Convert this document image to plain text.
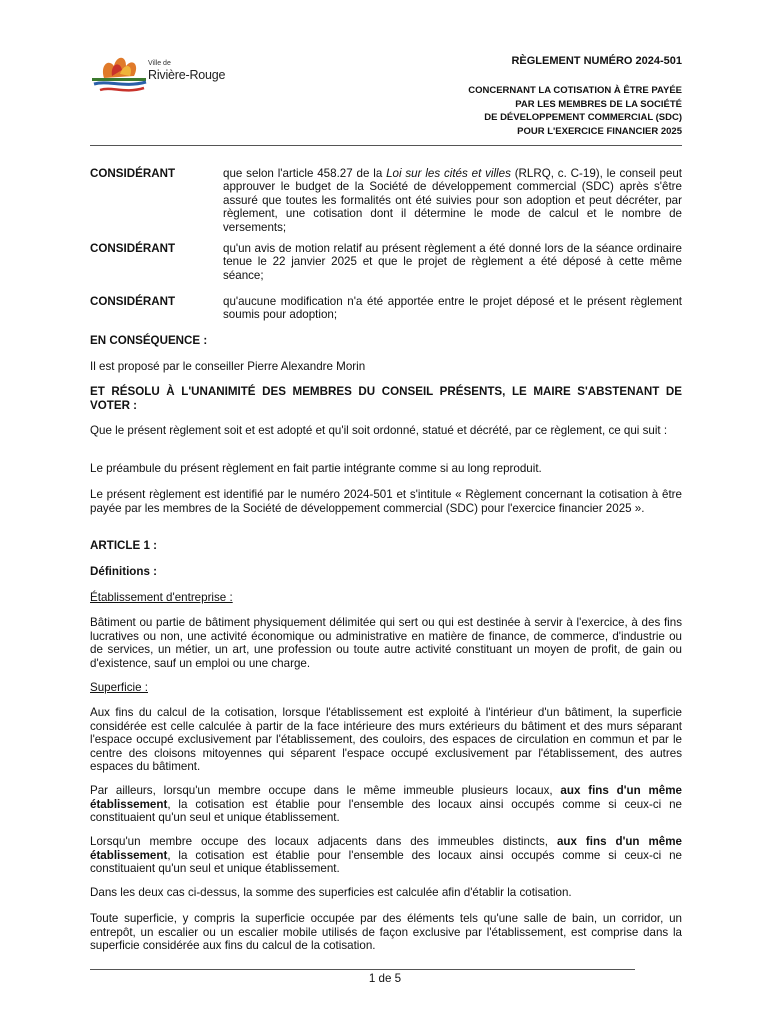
Ville de
Rivière-Rouge
RÈGLEMENT NUMÉRO 2024-501
CONCERNANT LA COTISATION À ÊTRE PAYÉE
PAR LES MEMBRES DE LA SOCIÉTÉ
DE DÉVELOPPEMENT COMMERCIAL (SDC)
POUR L'EXERCICE FINANCIER 2025
CONSIDÉRANT	que selon l'article 458.27 de la Loi sur les cités et villes (RLRQ, c. C-19), le conseil peut approuver le budget de la Société de développement commercial (SDC) après s'être assuré que toutes les formalités ont été suivies pour son adoption et peut décréter, par règlement, une cotisation dont il détermine le mode de calcul et le nombre de versements;
CONSIDÉRANT	qu'un avis de motion relatif au présent règlement a été donné lors de la séance ordinaire tenue le 22 janvier 2025 et que le projet de règlement a été déposé à cette même séance;
CONSIDÉRANT	qu'aucune modification n'a été apportée entre le projet déposé et le présent règlement soumis pour adoption;
EN CONSÉQUENCE :
Il est proposé par le conseiller Pierre Alexandre Morin
ET RÉSOLU À L'UNANIMITÉ DES MEMBRES DU CONSEIL PRÉSENTS, LE MAIRE S'ABSTENANT DE VOTER :
Que le présent règlement soit et est adopté et qu'il soit ordonné, statué et décrété, par ce règlement, ce qui suit :
Le préambule du présent règlement en fait partie intégrante comme si au long reproduit.
Le présent règlement est identifié par le numéro 2024-501 et s'intitule « Règlement concernant la cotisation à être payée par les membres de la Société de développement commercial (SDC) pour l'exercice financier 2025 ».
ARTICLE 1 :
Définitions :
Établissement d'entreprise :
Bâtiment ou partie de bâtiment physiquement délimitée qui sert ou qui est destinée à servir à l'exercice, à des fins lucratives ou non, une activité économique ou administrative en matière de finance, de commerce, d'industrie ou de services, un métier, un art, une profession ou toute autre activité constituant un moyen de profit, de gain ou d'existence, sauf un emploi ou une charge.
Superficie :
Aux fins du calcul de la cotisation, lorsque l'établissement est exploité à l'intérieur d'un bâtiment, la superficie considérée est celle calculée à partir de la face intérieure des murs extérieurs du bâtiment et des murs séparant l'espace occupé exclusivement par l'établissement, des couloirs, des espaces de circulation en commun et par le centre des cloisons mitoyennes qui séparent l'espace occupé exclusivement par l'établissement, des autres espaces du bâtiment.
Par ailleurs, lorsqu'un membre occupe dans le même immeuble plusieurs locaux, aux fins d'un même établissement, la cotisation est établie pour l'ensemble des locaux ainsi occupés comme si ceux-ci ne constituaient qu'un seul et unique établissement.
Lorsqu'un membre occupe des locaux adjacents dans des immeubles distincts, aux fins d'un même établissement, la cotisation est établie pour l'ensemble des locaux ainsi occupés comme si ceux-ci ne constituaient qu'un seul et unique établissement.
Dans les deux cas ci-dessus, la somme des superficies est calculée afin d'établir la cotisation.
Toute superficie, y compris la superficie occupée par des éléments tels qu'une salle de bain, un corridor, un entrepôt, un escalier ou un escalier mobile utilisés de façon exclusive par l'établissement, est comprise dans la superficie considérée aux fins du calcul de la cotisation.
1 de 5
